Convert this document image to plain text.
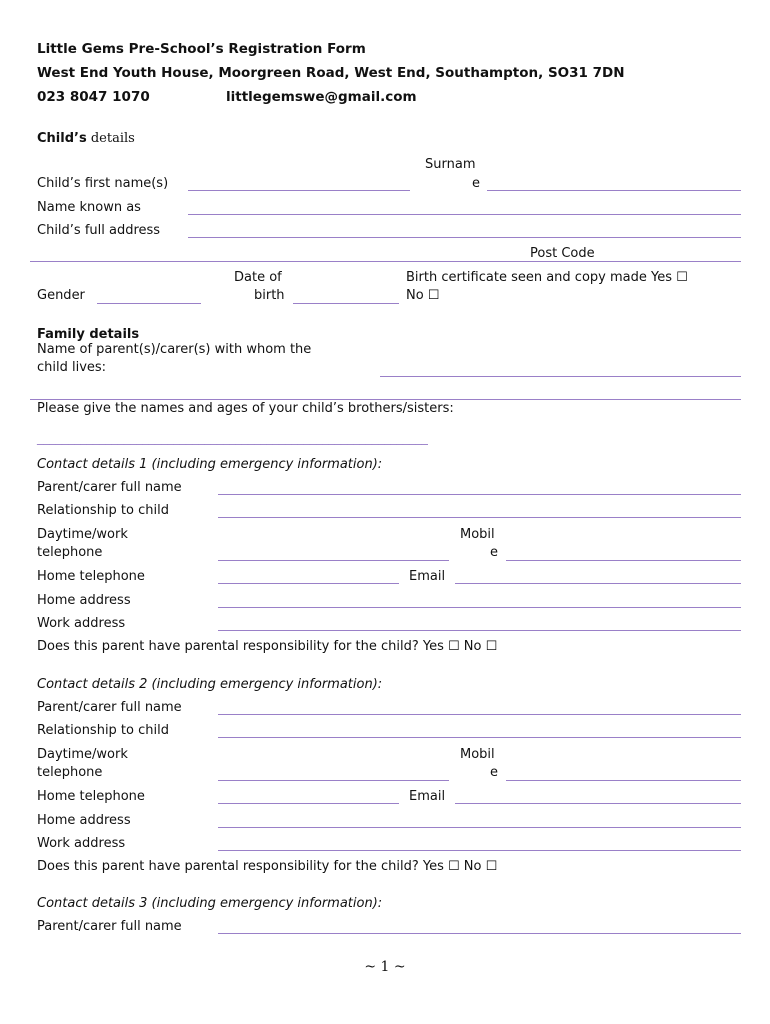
Little Gems Pre-School’s Registration Form
West End Youth House, Moorgreen Road, West End, Southampton, SO31 7DN
023 8047 1070	littlegemswe@gmail.com
Child’s details
Child’s first name(s)
Surnam
e
Name known as
Child’s full address
Post Code
Gender
Date of
birth
Birth certificate seen and copy made Yes ☐
No ☐
Family details
Name of parent(s)/carer(s) with whom the
child lives:
Please give the names and ages of your child’s brothers/sisters:
_______________________________________________________________
Contact details 1 (including emergency information):
Parent/carer full name
Relationship to child
Daytime/work
telephone
Mobil
e
Home telephone	Email
Home address
Work address
Does this parent have parental responsibility for the child? Yes ☐ No ☐
Contact details 2 (including emergency information):
Parent/carer full name
Relationship to child
Daytime/work
telephone
Mobil
e
Home telephone	Email
Home address
Work address
Does this parent have parental responsibility for the child? Yes ☐ No ☐
Contact details 3 (including emergency information):
Parent/carer full name
~ 1 ~
